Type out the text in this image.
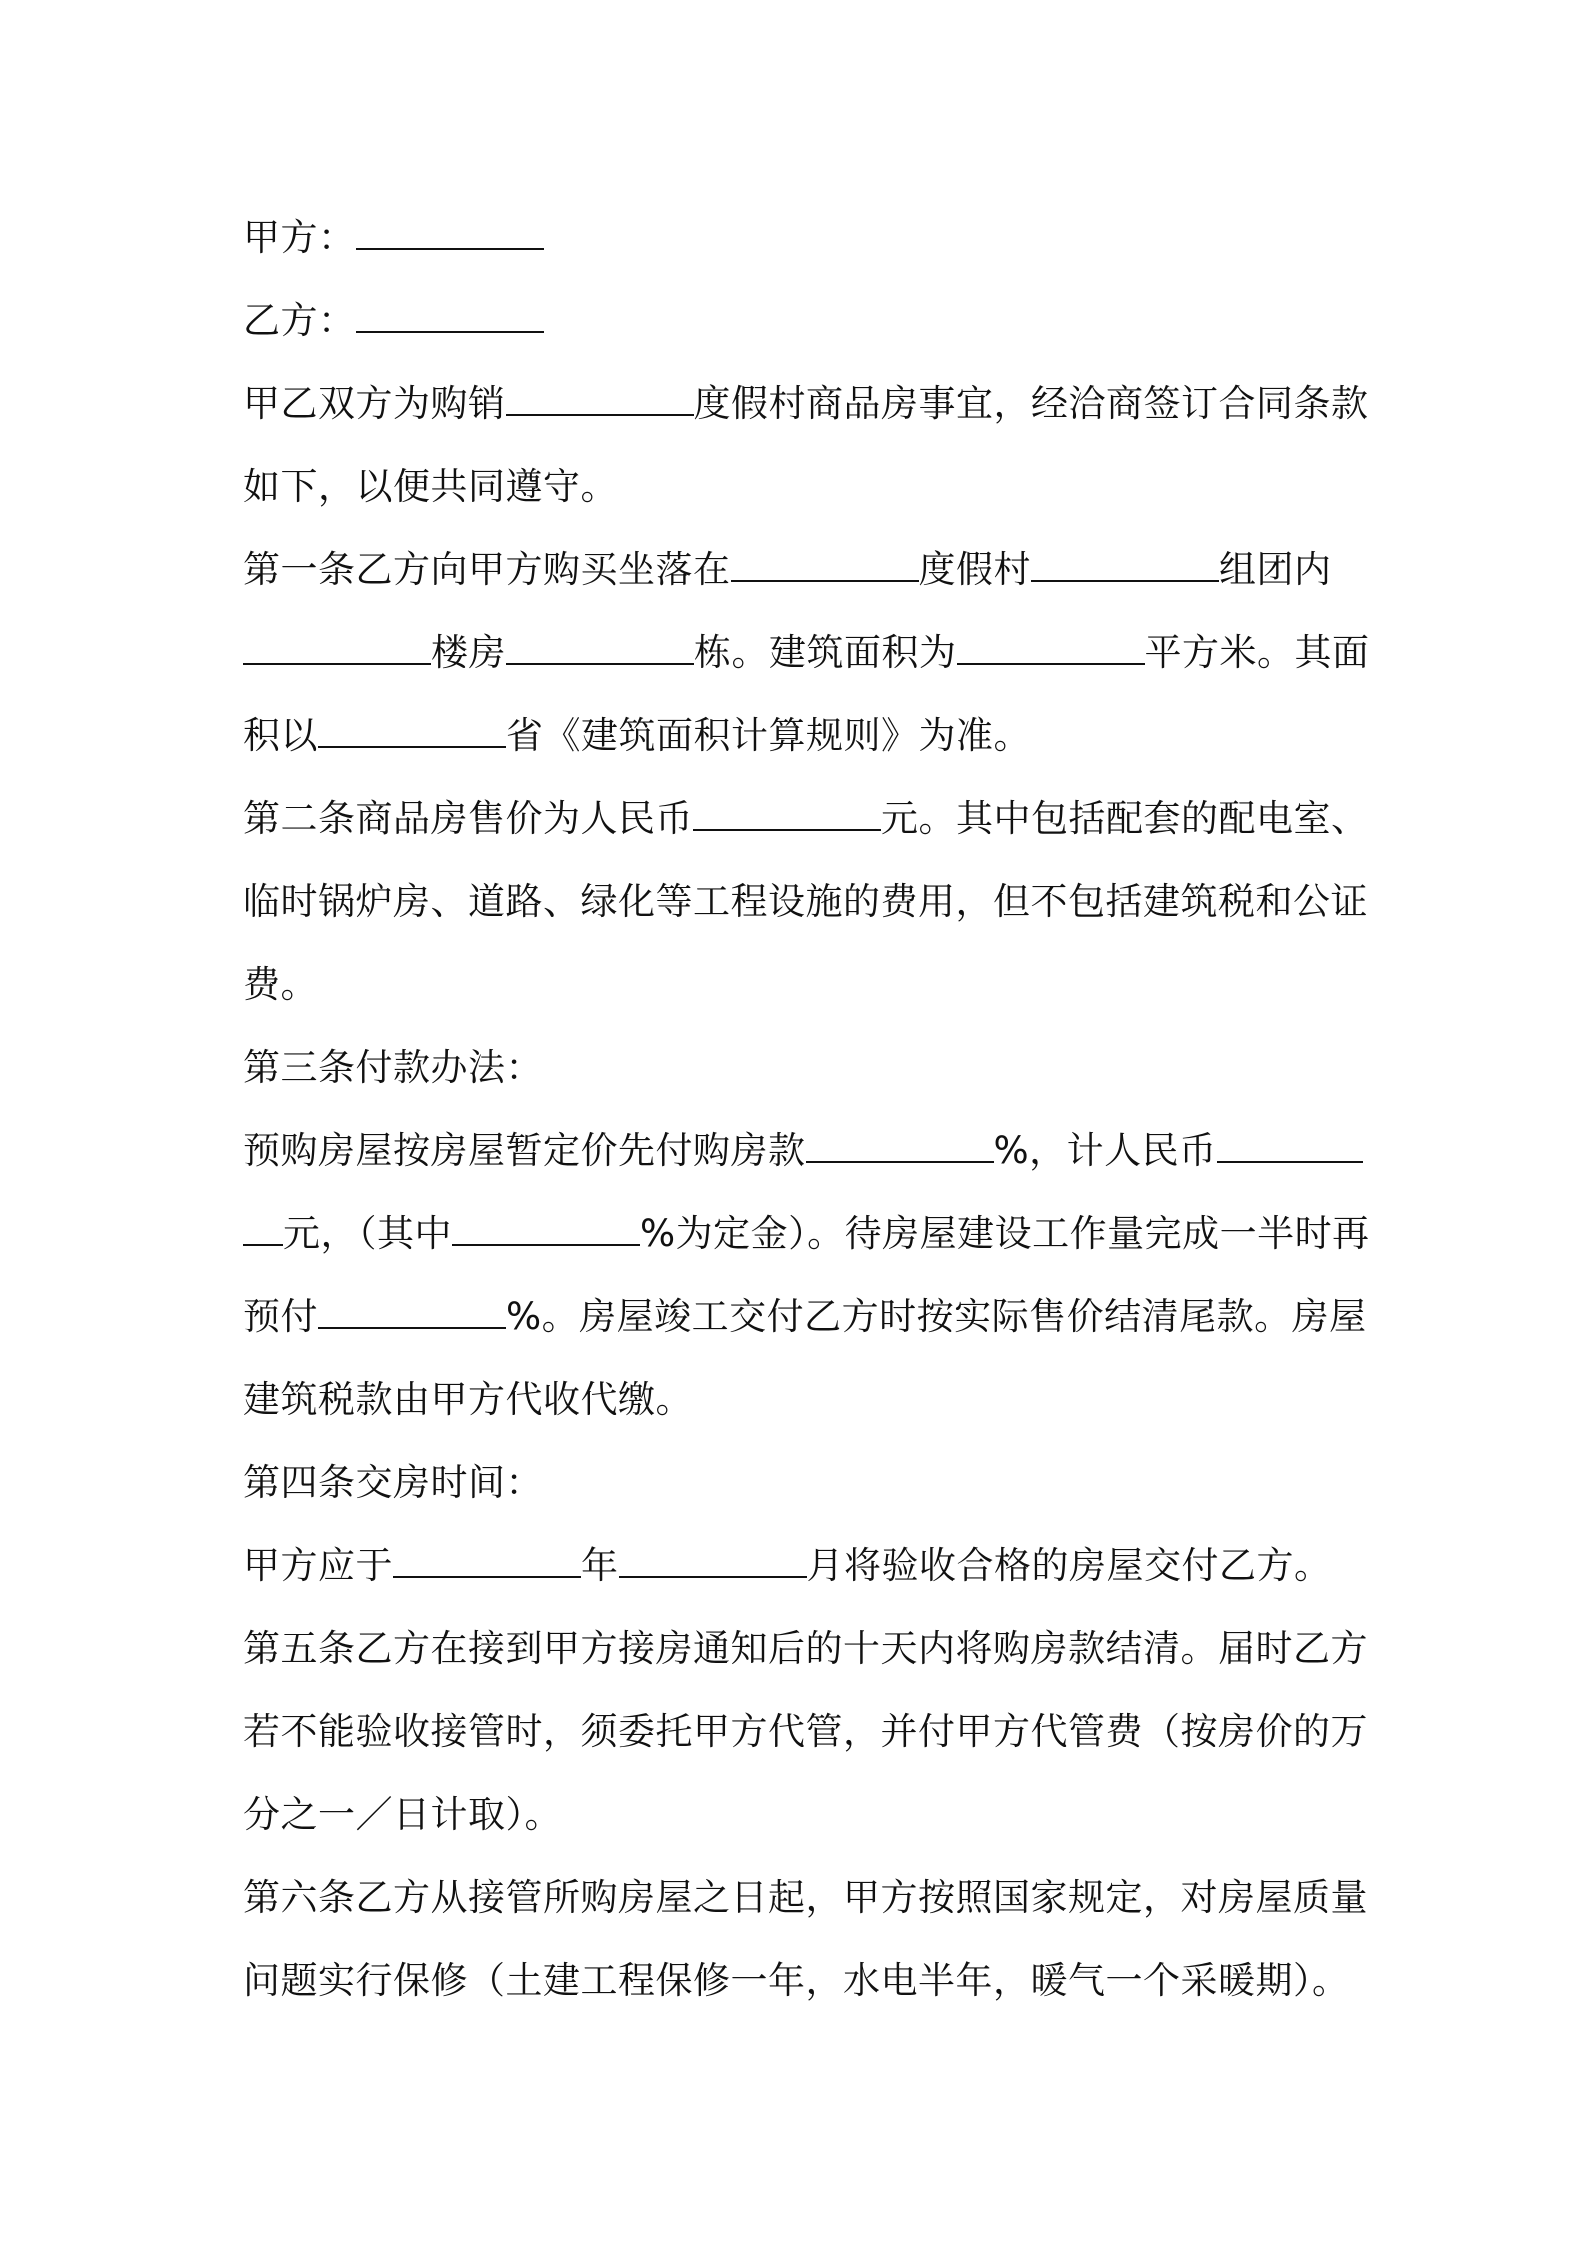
甲方：
乙方：
甲乙双方为购销	度假村商品房事宜，经洽商签订合同条款
如下，以便共同遵守。
第一条乙方向甲方购买坐落在	度假村	组团内
楼房	栋。建筑面积为	平方米。其面
积以	省《建筑面积计算规则》为准。
第二条商品房售价为人民币	元。其中包括配套的配电室、
临时锅炉房、道路、绿化等工程设施的费用，但不包括建筑税和公证
费。
第三条付款办法：
预购房屋按房屋暂定价先付购房款	%，计人民币
元，（其中	%为定金）。待房屋建设工作量完成一半时再
预付	%。房屋竣工交付乙方时按实际售价结清尾款。房屋
建筑税款由甲方代收代缴。
第四条交房时间：
甲方应于	年	月将验收合格的房屋交付乙方。
第五条乙方在接到甲方接房通知后的十天内将购房款结清。届时乙方
若不能验收接管时，须委托甲方代管，并付甲方代管费（按房价的万
分之一／日计取）。
第六条乙方从接管所购房屋之日起，甲方按照国家规定，对房屋质量
问题实行保修（土建工程保修一年，水电半年，暖气一个采暖期）。
